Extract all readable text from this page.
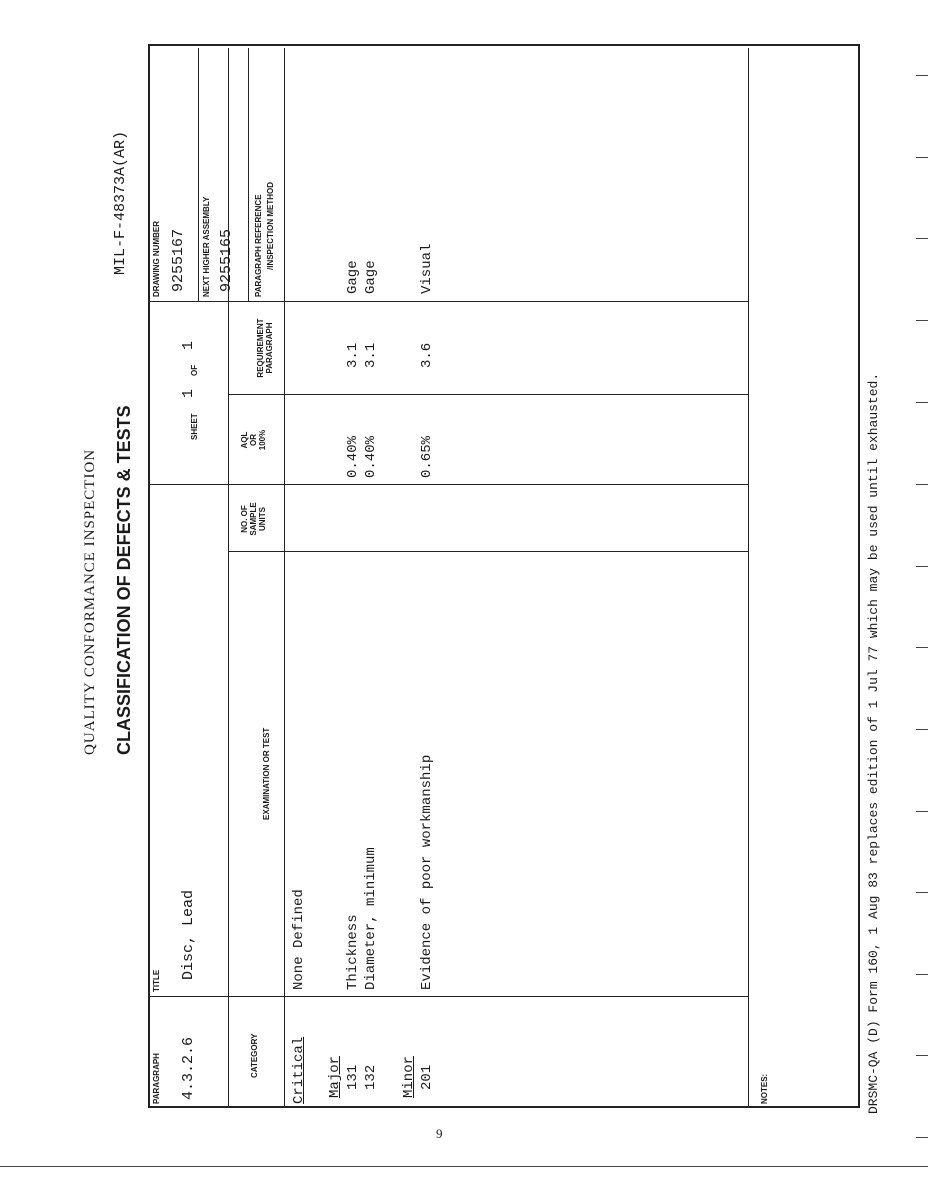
QUALITY CONFORMANCE INSPECTION CLASSIFICATION OF DEFECTS & TESTS
MIL-F-48373A(AR)
PARAGRAPH 4.3.2.6
TITLE
Disc, Lead
SHEET
1
OF
1
DRAWING NUMBER 9255167 NEXT HIGHER ASSEMBLY 9255165
CATEGORY
EXAMINATION OR TEST
NO. OF SAMPLE UNITS
AQL OR 100%
REQUIREMENT PARAGRAPH
PARAGRAPH REFERENCE /INSPECTION METHOD
NOTES:
Critical
None Defined
Major 131 132
Thickness Diameter, minimum
0.40% 0.40%
3.1 3.1
Gage Gage
Minor 201
Evidence of poor workmanship
0.65%
3.6
Visual
DRSMC-QA (D) Form 160, 1 Aug 83 replaces edition of 1 Jul 77 which may be used until exhausted.
9
